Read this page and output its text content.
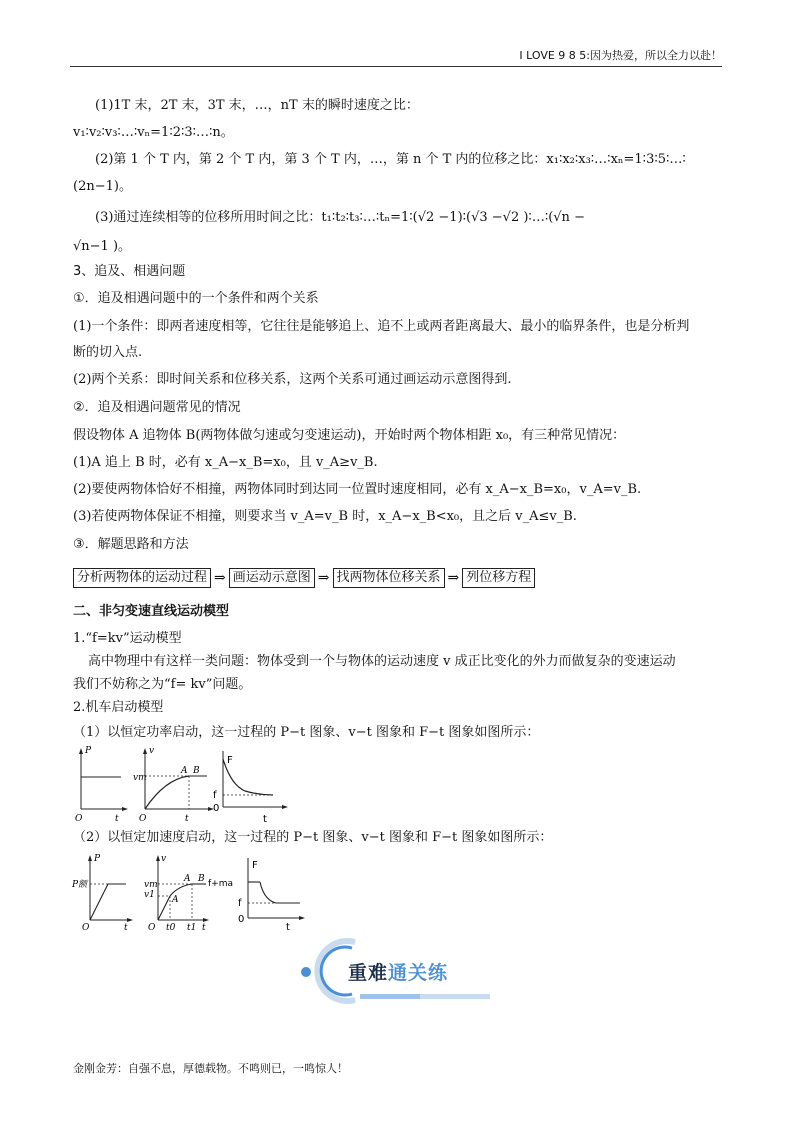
I LOVE 9 8 5:因为热爱，所以全力以赴！
(1)1T 末，2T 末，3T 末，…，nT 末的瞬时速度之比：
v₁∶v₂∶v₃∶…∶vₙ=1∶2∶3∶…∶n。
(2)第 1 个 T 内，第 2 个 T 内，第 3 个 T 内，…，第 n 个 T 内的位移之比：x₁∶x₂∶x₃∶…∶xₙ=1∶3∶5∶…∶
(2n−1)。
(3)通过连续相等的位移所用时间之比：t₁∶t₂∶t₃∶…∶tₙ=1∶(√2 −1)∶(√3 −√2 )∶…∶(√n −
√n−1 )。
3、追及、相遇问题
①．追及相遇问题中的一个条件和两个关系
(1)一个条件：即两者速度相等，它往往是能够追上、追不上或两者距离最大、最小的临界条件，也是分析判
断的切入点.
(2)两个关系：即时间关系和位移关系，这两个关系可通过画运动示意图得到.
②．追及相遇问题常见的情况
假设物体 A 追物体 B(两物体做匀速或匀变速运动)，开始时两个物体相距 x₀，有三种常见情况：
(1)A 追上 B 时，必有 x_A−x_B=x₀，且 v_A≥v_B.
(2)要使两物体恰好不相撞，两物体同时到达同一位置时速度相同，必有 x_A−x_B=x₀，v_A=v_B.
(3)若使两物体保证不相撞，则要求当 v_A=v_B 时，x_A−x_B<x₀，且之后 v_A≤v_B.
③．解题思路和方法
分析两物体的运动过程 ⇒ 画运动示意图 ⇒ 找两物体位移关系 ⇒ 列位移方程
二、非匀变速直线运动模型
1.“f=kv”运动模型
高中物理中有这样一类问题：物体受到一个与物体的运动速度 v 成正比变化的外力而做复杂的变速运动
我们不妨称之为“f= kv”问题。
2.机车启动模型
（1）以恒定功率启动，这一过程的 P−t 图象、v−t 图象和 F−t 图象如图所示：
P
O	t
v
vm
A B
O	t
F
f
0
t
（2）以恒定加速度启动，这一过程的 P−t 图象、v−t 图象和 F−t 图象如图所示：
P
P额
O	t
v
vm
v1
A B
A
O t0 t1 t
F
f+ma
f
0
t
重难通关练
金刚金芳：自强不息，厚德载物。不鸣则已，一鸣惊人！
